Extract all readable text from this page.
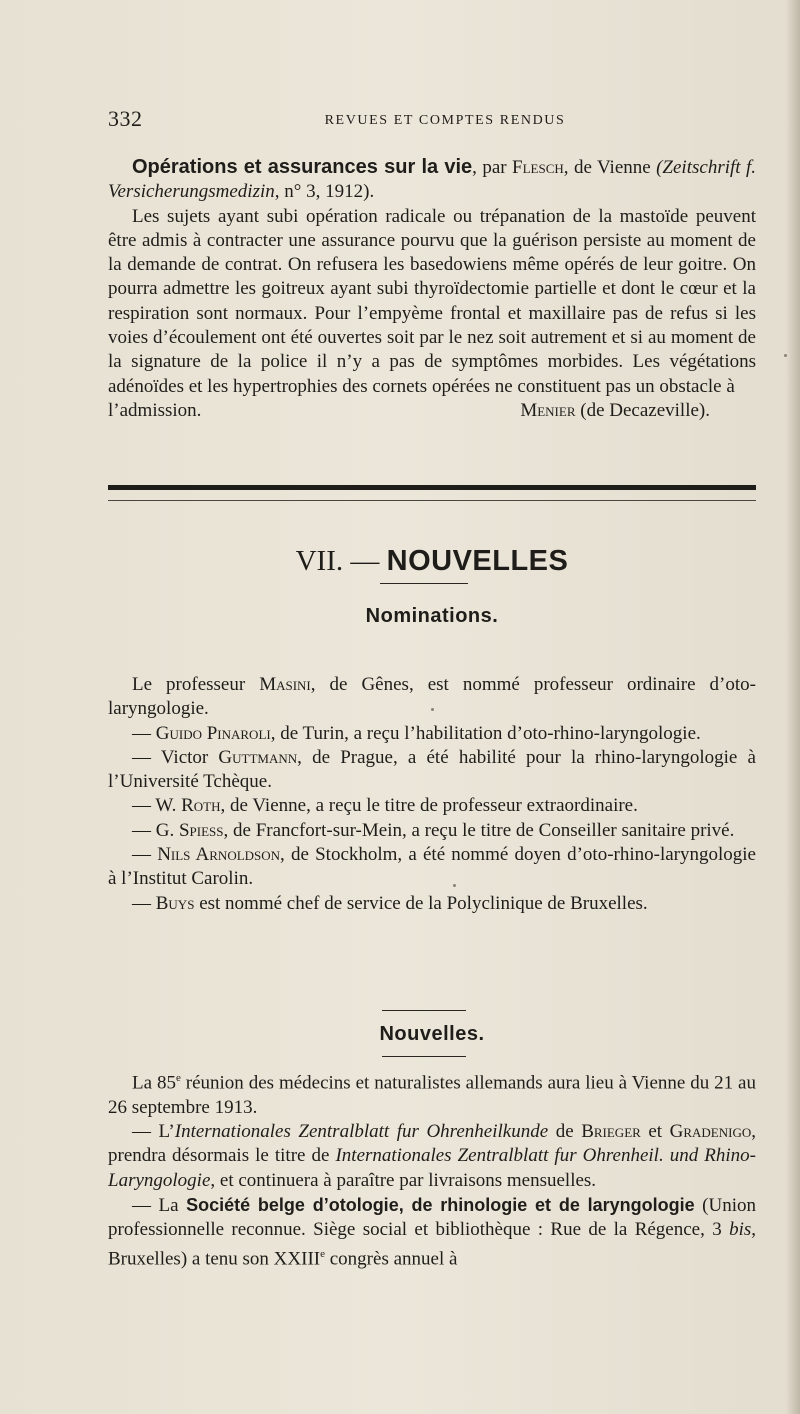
332	REVUES ET COMPTES RENDUS

Opérations et assurances sur la vie, par Flesch, de Vienne (Zeitschrift f. Versicherungsmedizin, n° 3, 1912).

Les sujets ayant subi opération radicale ou trépanation de la mastoïde peuvent être admis à contracter une assurance pourvu que la guérison persiste au moment de la demande de contrat. On refusera les basedowiens même opérés de leur goitre. On pourra admettre les goitreux ayant subi thyroïdectomie partielle et dont le cœur et la respiration sont normaux. Pour l’empyème frontal et maxillaire pas de refus si les voies d’écoulement ont été ouvertes soit par le nez soit autrement et si au moment de la signature de la police il n’y a pas de symptômes morbides. Les végétations adénoïdes et les hypertrophies des cornets opérées ne constituent pas un obstacle à

l’admission.	Menier (de Decazeville).

VII. — NOUVELLES
Nominations.

Le professeur Masini, de Gênes, est nommé professeur ordinaire d’oto-laryngologie.

— Guido Pinaroli, de Turin, a reçu l’habilitation d’oto-rhino-laryngologie.

— Victor Guttmann, de Prague, a été habilité pour la rhino-laryngologie à l’Université Tchèque.

— W. Roth, de Vienne, a reçu le titre de professeur extraordinaire.

— G. Spiess, de Francfort-sur-Mein, a reçu le titre de Conseiller sanitaire privé.

— Nils Arnoldson, de Stockholm, a été nommé doyen d’oto-rhino-laryngologie à l’Institut Carolin.

— Buys est nommé chef de service de la Polyclinique de Bruxelles.

Nouvelles.

La 85e réunion des médecins et naturalistes allemands aura lieu à Vienne du 21 au 26 septembre 1913.

— L’Internationales Zentralblatt fur Ohrenheilkunde de Brieger et Gradenigo, prendra désormais le titre de Internationales Zentralblatt fur Ohrenheil. und Rhino-Laryngologie, et continuera à paraître par livraisons mensuelles.

— La Société belge d’otologie, de rhinologie et de laryngologie (Union professionnelle reconnue. Siège social et bibliothèque : Rue de la Régence, 3 bis, Bruxelles) a tenu son XXIIIe congrès annuel à
